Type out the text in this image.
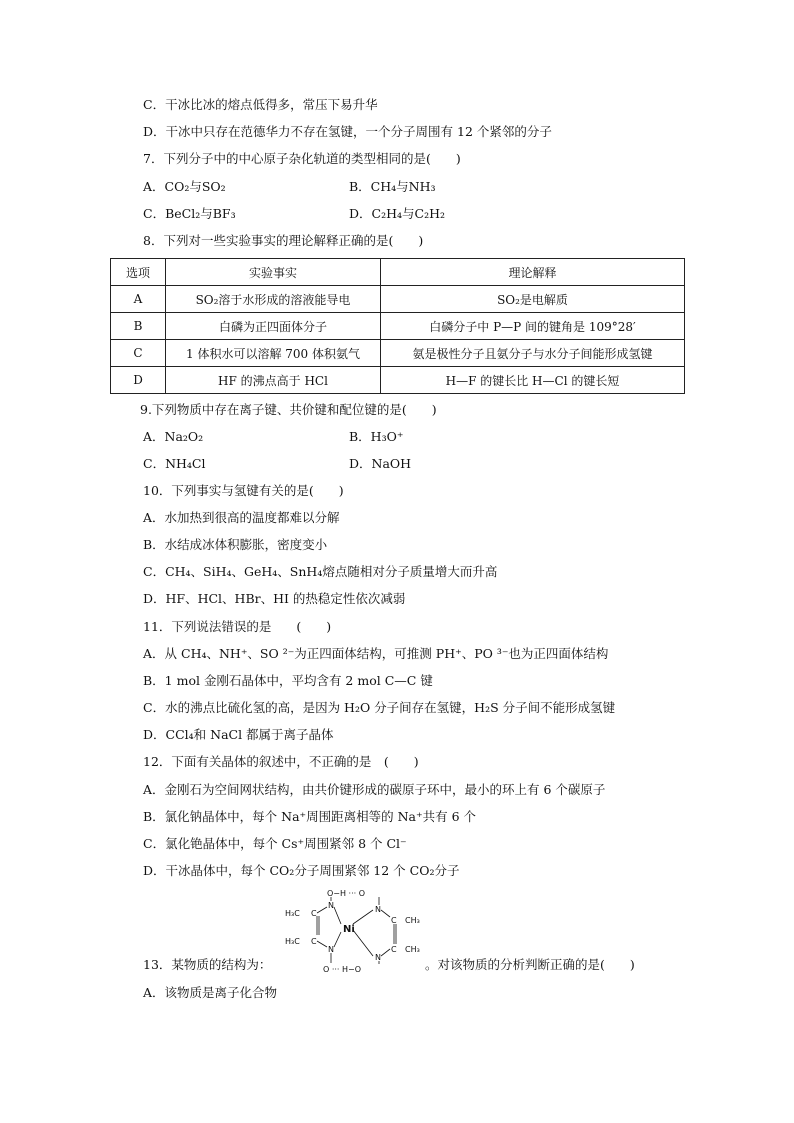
C．干冰比冰的熔点低得多，常压下易升华
D．干冰中只存在范德华力不存在氢键，一个分子周围有 12 个紧邻的分子
7．下列分子中的中心原子杂化轨道的类型相同的是(　　)
A．CO₂与SO₂	B．CH₄与NH₃
C．BeCl₂与BF₃	D．C₂H₄与C₂H₂
8．下列对一些实验事实的理论解释正确的是(　　)
选项	实验事实	理论解释
A	SO₂溶于水形成的溶液能导电	SO₂是电解质
B	白磷为正四面体分子	白磷分子中 P—P 间的键角是 109°28′
C	1 体积水可以溶解 700 体积氨气	氨是极性分子且氨分子与水分子间能形成氢键
D	HF 的沸点高于 HCl	H—F 的键长比 H—Cl 的键长短
9.下列物质中存在离子键、共价键和配位键的是(　　)
A．Na₂O₂	B．H₃O⁺
C．NH₄Cl	D．NaOH
10．下列事实与氢键有关的是(　　)
A．水加热到很高的温度都难以分解
B．水结成冰体积膨胀，密度变小
C．CH₄、SiH₄、GeH₄、SnH₄熔点随相对分子质量增大而升高
D．HF、HCl、HBr、HI 的热稳定性依次减弱
11．下列说法错误的是　　(　　)
A．从 CH₄、NH⁺、SO ²⁻为正四面体结构，可推测 PH⁺、PO ³⁻也为正四面体结构
B．1 mol 金刚石晶体中，平均含有 2 mol C—C 键
C．水的沸点比硫化氢的高，是因为 H₂O 分子间存在氢键，H₂S 分子间不能形成氢键
D．CCl₄和 NaCl 都属于离子晶体
12．下面有关晶体的叙述中，不正确的是　(　　)
A．金刚石为空间网状结构，由共价键形成的碳原子环中，最小的环上有 6 个碳原子
B．氯化钠晶体中，每个 Na⁺周围距离相等的 Na⁺共有 6 个
C．氯化铯晶体中，每个 Cs⁺周围紧邻 8 个 Cl⁻
D．干冰晶体中，每个 CO₂分子周围紧邻 12 个 CO₂分子
O−H ··· O
Ni
H₃C
H₃C
CH₃
CH₃
C
C
C
C
N
N
N
N
O ··· H−O
13．某物质的结构为：	。对该物质的分析判断正确的是(　　)
A．该物质是离子化合物
